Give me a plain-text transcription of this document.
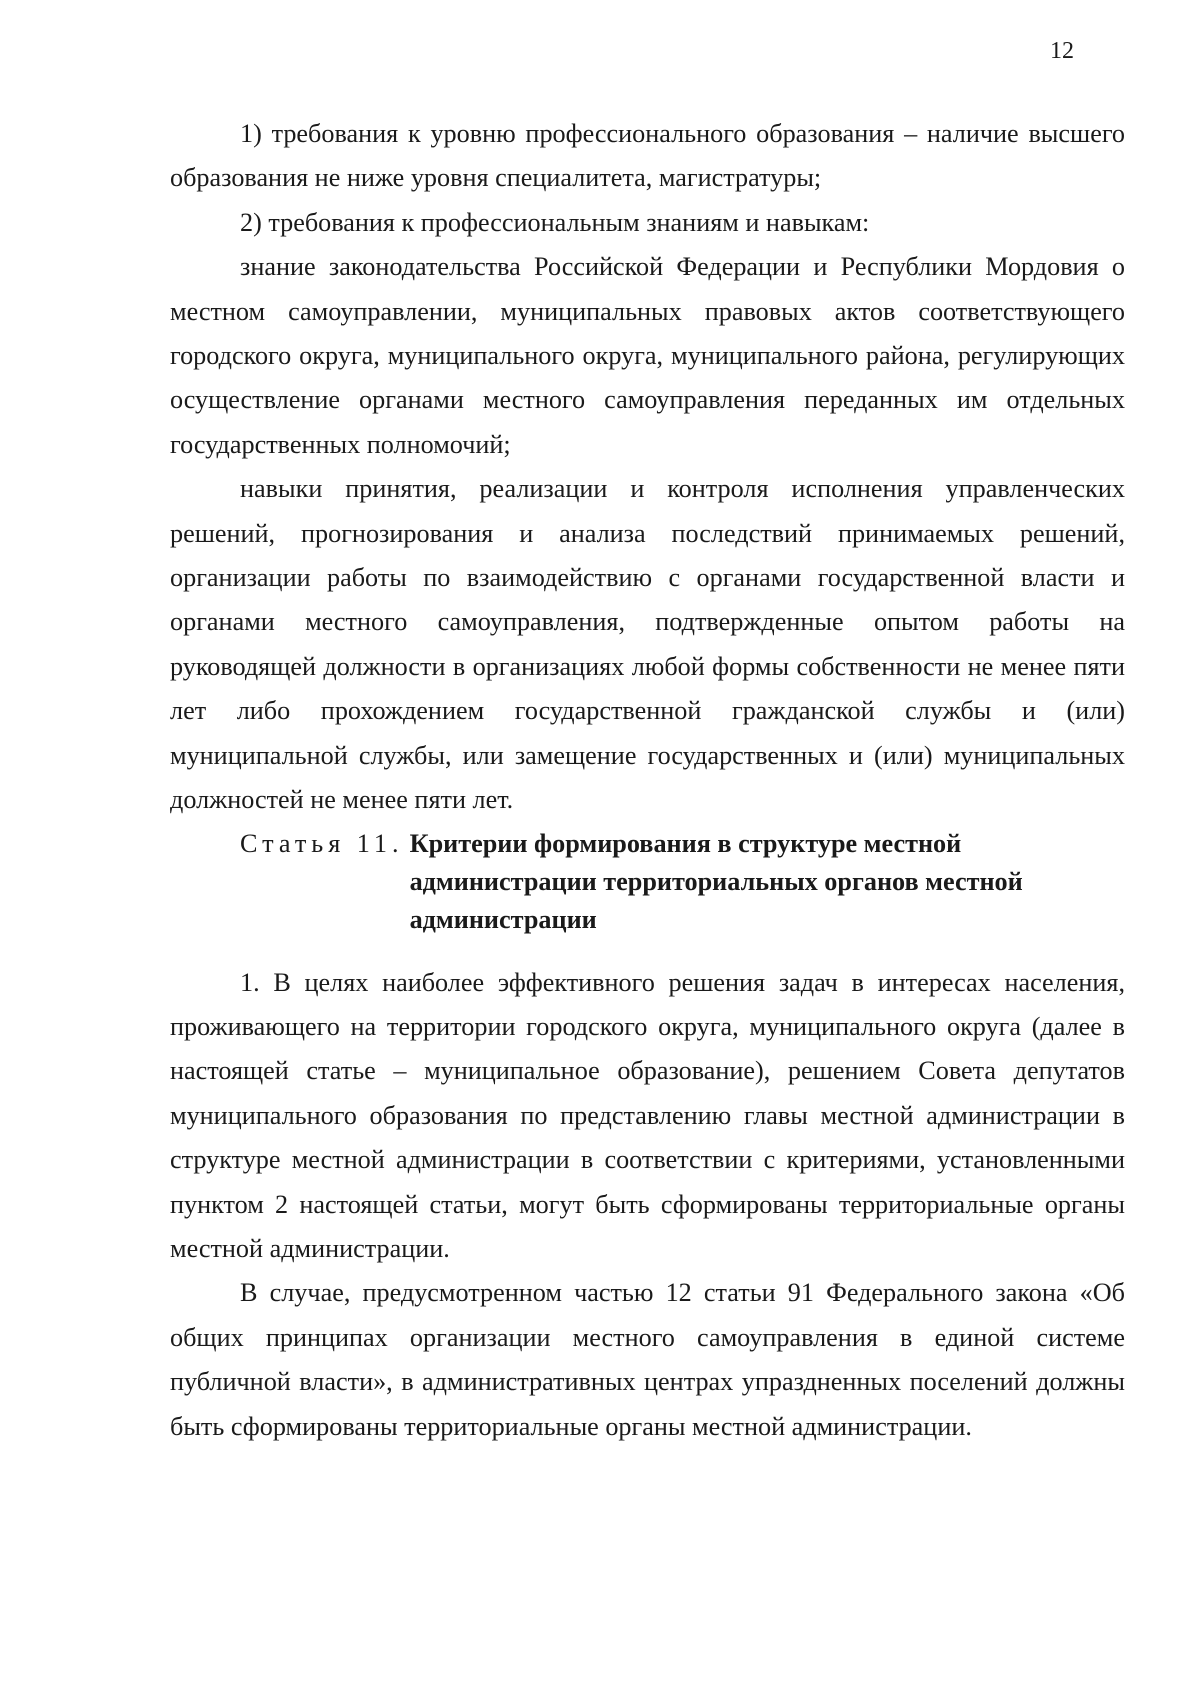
12

1) требования к уровню профессионального образования – наличие высшего образования не ниже уровня специалитета, магистратуры;

2) требования к профессиональным знаниям и навыкам:

знание законодательства Российской Федерации и Республики Мордовия о местном самоуправлении, муниципальных правовых актов соответствующего городского округа, муниципального округа, муниципального района, регулирующих осуществление органами местного самоуправления переданных им отдельных государственных полномочий;

навыки принятия, реализации и контроля исполнения управленческих решений, прогнозирования и анализа последствий принимаемых решений, организации работы по взаимодействию с органами государственной власти и органами местного самоуправления, подтвержденные опытом работы на руководящей должности в организациях любой формы собственности не менее пяти лет либо прохождением государственной гражданской службы и (или) муниципальной службы, или замещение государственных и (или) муниципальных должностей не менее пяти лет.

Статья 11. Критерии формирования в структуре местной администрации территориальных органов местной администрации

1. В целях наиболее эффективного решения задач в интересах населения, проживающего на территории городского округа, муниципального округа (далее в настоящей статье – муниципальное образование), решением Совета депутатов муниципального образования по представлению главы местной администрации в структуре местной администрации в соответствии с критериями, установленными пунктом 2 настоящей статьи, могут быть сформированы территориальные органы местной администрации.

В случае, предусмотренном частью 12 статьи 91 Федерального закона «Об общих принципах организации местного самоуправления в единой системе публичной власти», в административных центрах упраздненных поселений должны быть сформированы территориальные органы местной администрации.
